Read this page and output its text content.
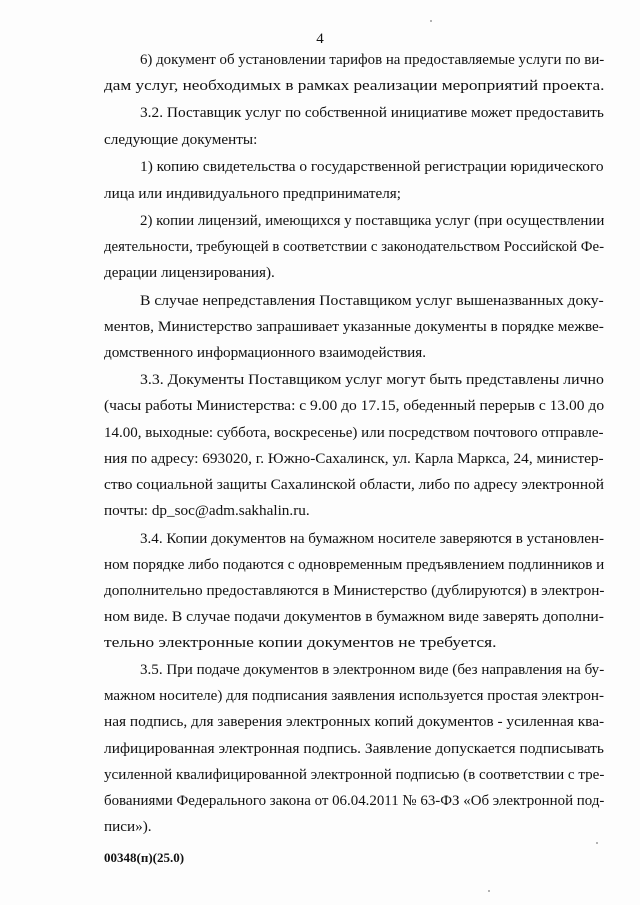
4
6) документ об установлении тарифов на предоставляемые услуги по ви-
дам услуг, необходимых в рамках реализации мероприятий проекта.
3.2. Поставщик услуг по собственной инициативе может предоставить
следующие документы:
1) копию свидетельства о государственной регистрации юридического
лица или индивидуального предпринимателя;
2) копии лицензий, имеющихся у поставщика услуг (при осуществлении
деятельности, требующей в соответствии с законодательством Российской Фе-
дерации лицензирования).
В случае непредставления Поставщиком услуг вышеназванных доку-
ментов, Министерство запрашивает указанные документы в порядке межве-
домственного информационного взаимодействия.
3.3. Документы Поставщиком услуг могут быть представлены лично
(часы работы Министерства: с 9.00 до 17.15, обеденный перерыв с 13.00 до
14.00, выходные: суббота, воскресенье) или посредством почтового отправле-
ния по адресу: 693020, г. Южно-Сахалинск, ул. Карла Маркса, 24, министер-
ство социальной защиты Сахалинской области, либо по адресу электронной
почты: dp_soc@adm.sakhalin.ru.
3.4. Копии документов на бумажном носителе заверяются в установлен-
ном порядке либо подаются с одновременным предъявлением подлинников и
дополнительно предоставляются в Министерство (дублируются) в электрон-
ном виде. В случае подачи документов в бумажном виде заверять дополни-
тельно электронные копии документов не требуется.
3.5. При подаче документов в электронном виде (без направления на бу-
мажном носителе) для подписания заявления используется простая электрон-
ная подпись, для заверения электронных копий документов - усиленная ква-
лифицированная электронная подпись. Заявление допускается подписывать
усиленной квалифицированной электронной подписью (в соответствии с тре-
бованиями Федерального закона от 06.04.2011 № 63-ФЗ «Об электронной под-
писи»).
00348(п)(25.0)
